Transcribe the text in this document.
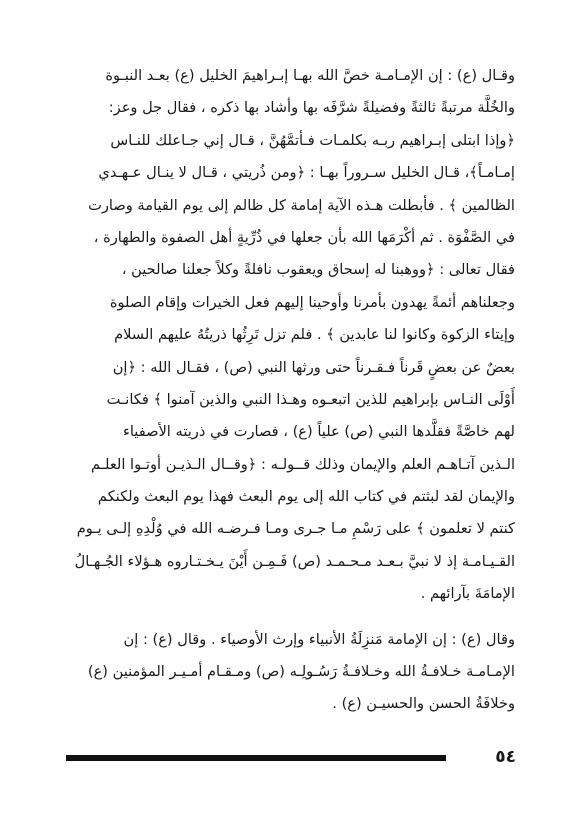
وقـال (ع) : إن الإمـامـة خصَّ الله بهـا إبـراهيمَ الخليل (ع) بعـد النبـوة
والخُلَّة مرتبةً ثالثةً وفضيلةً شرَّفَه بها وأشاد بها ذكره ، فقال جل وعز:
﴿وإذا ابتلى إبـراهيم ربـه بكلمـات فـأتمَّهُنَّ ، قـال إني جـاعلك للنـاس
إمـامـاً﴾، قـال الخليل سـروراً بهـا : ﴿ومن ذُريتي ، قـال لا ينـال عـهـدي
الظالمين ﴾ . فأبطلت هـذه الآية إمامة كل ظالم إلى يوم القيامة وصارت
في الصَّفْوَة . ثم أكْرَمَها الله بأن جعلها في ذُرِّيةٍ أهل الصفوة والطهارة ،
فقال تعالى : ﴿ووهبنا له إسحاق ويعقوب نافلةً وكلاً جعلنا صالحين ،
وجعلناهم أئمةً يهدون بأمرنا وأوحينا إليهم فعل الخيرات وإقام الصلوة
وإيتاء الزكوة وكانوا لنا عابدين ﴾ . فلم تزل تَرِثُها ذريتُهُ عليهم السلام
بعضٌ عن بعضٍ قَرناً فـقـرناً حتى ورثها النبي (ص) ، فقـال الله : ﴿إن
أَوْلَى النـاس بإبراهيم للذين اتبعـوه وهـذا النبي والذين آمنوا ﴾ فكانـت
لهم خاصَّةً فقلَّدها النبي (ص) علياً (ع) ، فصارت في ذريته الأصفياء
الـذين آتـاهـم العلم والإيمان وذلك قــولـه : ﴿وقــال الـذيـن أوتـوا العلـم
والإيمان لقد لبثتم في كتاب الله إلى يوم البعث فهذا يوم البعث ولكنكم
كنتم لا تعلمون ﴾ على رَسْمِ مـا جـرى ومـا فـرضـه الله في وُلْدِهِ إلـى يـوم
القـيـامـة إذ لا نبيَّ بـعـد مـحـمـد (ص) فَـمِـن أَيْنَ يـخـتـاروه هـؤلاء الجُـهـالُ
الإمامَةَ بآرائهم .
وقال (ع) : إن الإمامة مَنزِلَةُ الأنبياء وإرث الأوصياء . وقال (ع) : إن
الإمـامـة خـلافـةُ الله وخـلافـةُ رَسُـولِـه (ص) ومـقـام أمـيـر المؤمنين (ع)
وخلافَةُ الحسن والحسيـن (ع) .
٥٤
